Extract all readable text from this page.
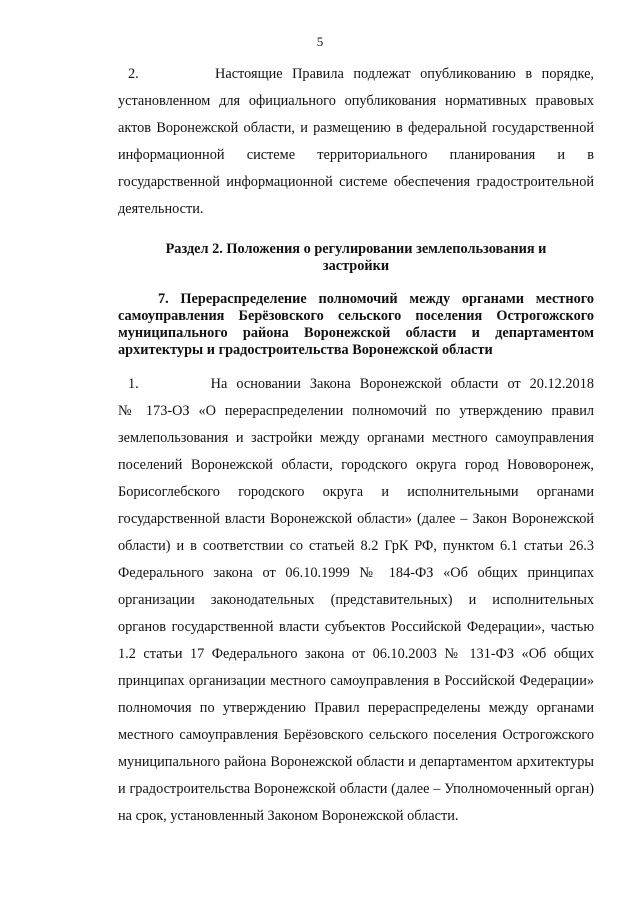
5
2.        Настоящие Правила подлежат опубликованию в порядке,
установленном для официального опубликования нормативных правовых
актов Воронежской области, и размещению в федеральной государственной
информационной системе территориального планирования и в
государственной информационной системе обеспечения градостроительной
деятельности.
Раздел 2. Положения о регулировании землепользования и
застройки
7. Перераспределение полномочий между органами местного
самоуправления Берёзовского сельского поселения Острогожского
муниципального района Воронежской области и департаментом
архитектуры и градостроительства Воронежской области
1.        На основании Закона Воронежской области от 20.12.2018
№ 173-ОЗ «О перераспределении полномочий по утверждению правил
землепользования и застройки между органами местного самоуправления
поселений Воронежской области, городского округа город Нововоронеж,
Борисоглебского городского округа и исполнительными органами
государственной власти Воронежской области» (далее – Закон Воронежской
области) и в соответствии со статьей 8.2 ГрК РФ, пунктом 6.1 статьи 26.3
Федерального закона от 06.10.1999 № 184-ФЗ «Об общих принципах
организации законодательных (представительных) и исполнительных
органов государственной власти субъектов Российской Федерации», частью
1.2 статьи 17 Федерального закона от 06.10.2003 № 131-ФЗ «Об общих
принципах организации местного самоуправления в Российской Федерации»
полномочия по утверждению Правил перераспределены между органами
местного самоуправления Берёзовского сельского поселения Острогожского
муниципального района Воронежской области и департаментом архитектуры
и градостроительства Воронежской области (далее – Уполномоченный орган)
на срок, установленный Законом Воронежской области.
